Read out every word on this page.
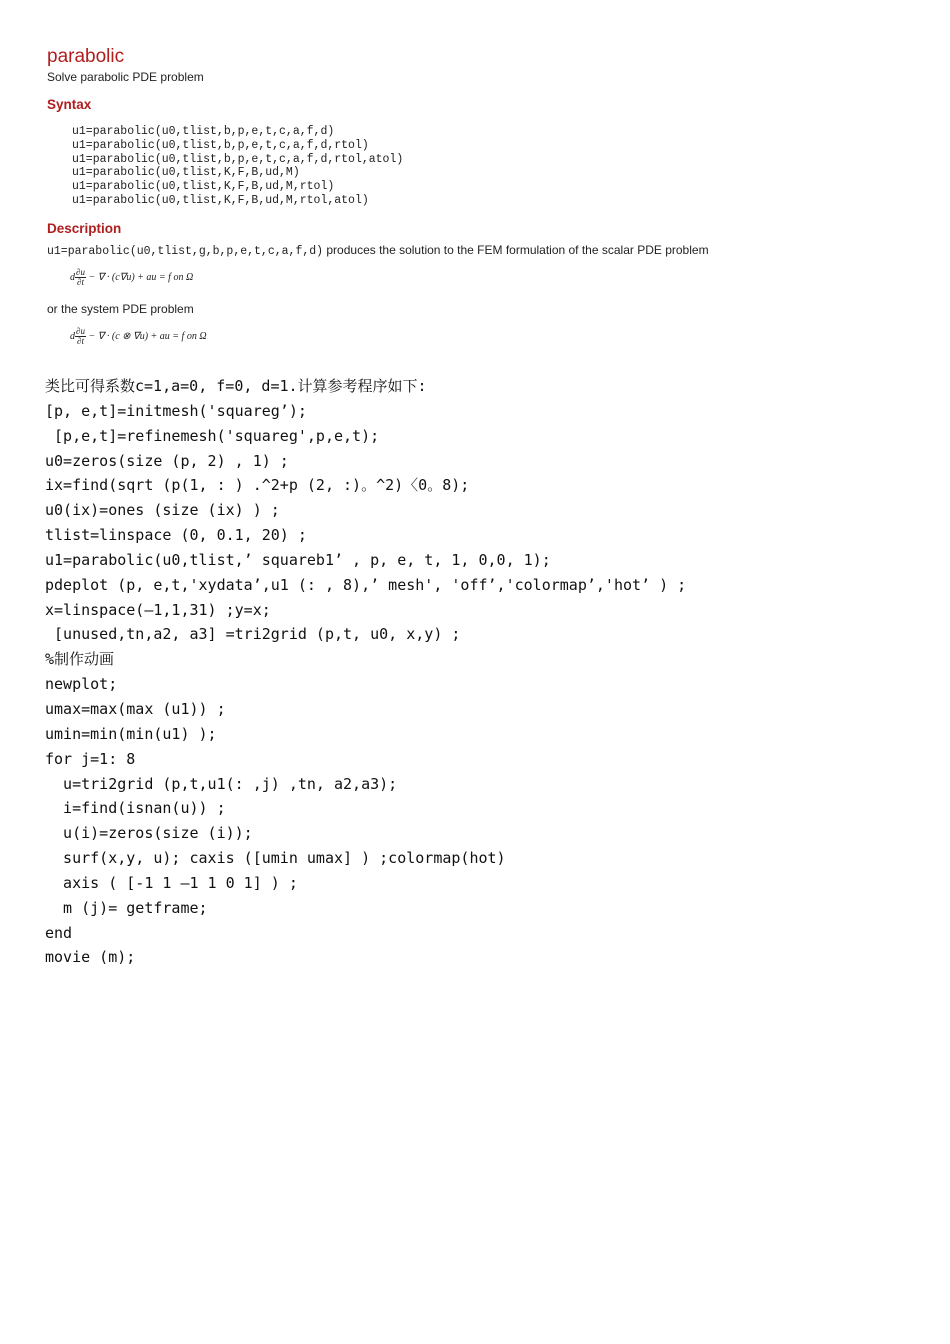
parabolic
Solve parabolic PDE problem
Syntax
u1=parabolic(u0,tlist,b,p,e,t,c,a,f,d)
u1=parabolic(u0,tlist,b,p,e,t,c,a,f,d,rtol)
u1=parabolic(u0,tlist,b,p,e,t,c,a,f,d,rtol,atol)
u1=parabolic(u0,tlist,K,F,B,ud,M)
u1=parabolic(u0,tlist,K,F,B,ud,M,rtol)
u1=parabolic(u0,tlist,K,F,B,ud,M,rtol,atol)
Description
u1=parabolic(u0,tlist,g,b,p,e,t,c,a,f,d) produces the solution to the FEM formulation of the scalar PDE problem
d $\frac{\partial u}{\partial t}$ − ∇ · (c∇u) + au = f on Ω
or the system PDE problem
d $\frac{\partial u}{\partial t}$ − ∇ · (c ⊗ ∇u) + au = f on Ω
类比可得系数c=1,a=0, f=0, d=1.计算参考程序如下:
[p, e,t]=initmesh('squareg’);
[p,e,t]=refinemesh('squareg',p,e,t);
u0=zeros(size (p, 2) , 1) ;
ix=find(sqrt (p(1, : ) .^2+p (2, :)。^2)〈0。8);
u0(ix)=ones (size (ix) ) ;
tlist=linspace (0, 0.1, 20) ;
u1=parabolic(u0,tlist,’ squareb1’ , p, e, t, 1, 0,0, 1);
pdeplot (p, e,t,'xydata’,u1 (: , 8),’ mesh', 'off’,'colormap’,'hot’ ) ;
x=linspace(—1,1,31) ;y=x;
[unused,tn,a2, a3] =tri2grid (p,t, u0, x,y) ;
%制作动画
newplot;
umax=max(max (u1)) ;
umin=min(min(u1) );
for j=1: 8
u=tri2grid (p,t,u1(: ,j) ,tn, a2,a3);
i=find(isnan(u)) ;
u(i)=zeros(size (i));
surf(x,y, u); caxis ([umin umax] ) ;colormap(hot)
axis ( [-1 1 —1 1 0 1] ) ;
m (j)= getframe;
end
movie (m);
